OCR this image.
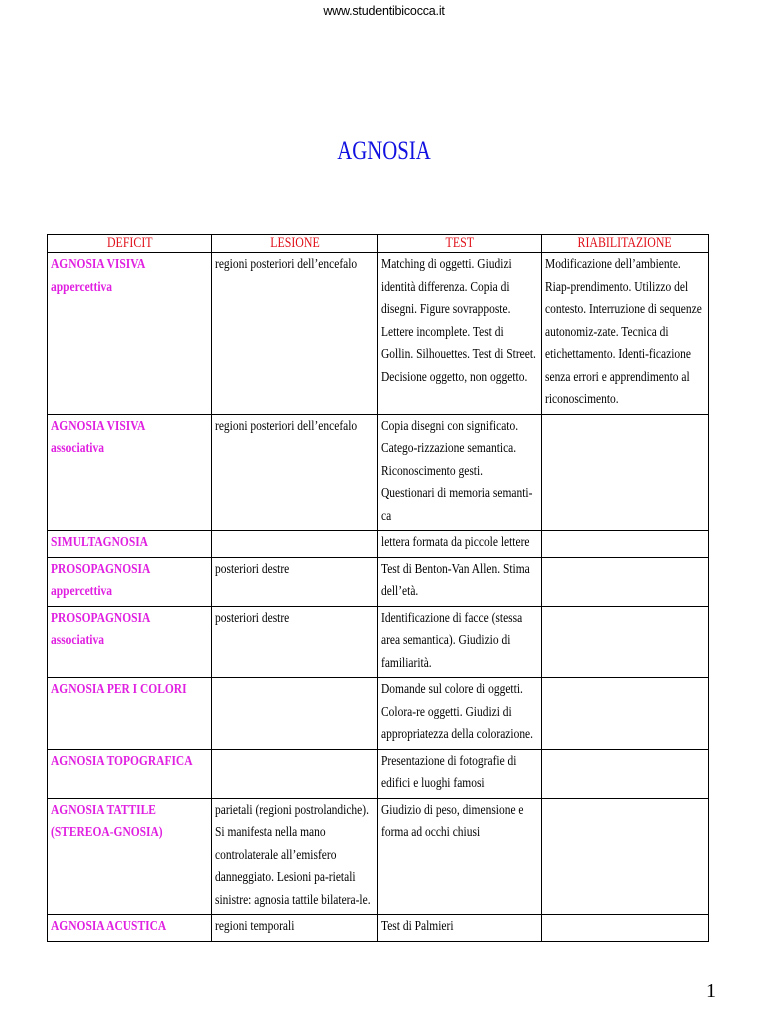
www.studentibicocca.it
AGNOSIA
DEFICIT	LESIONE	TEST	RIABILITAZIONE

AGNOSIA VISIVA
appercettiva	regioni posteriori dell’encefalo	Matching di oggetti. Giudizi identità differenza. Copia di disegni. Figure sovrapposte. Lettere incomplete. Test di Gollin. Silhouettes. Test di Street. Decisione oggetto, non oggetto.	Modificazione dell’ambiente. Riap-prendimento. Utilizzo del contesto. Interruzione di sequenze autonomiz-zate. Tecnica di etichettamento. Identi-ficazione senza errori e apprendimento al riconoscimento.

AGNOSIA VISIVA
associativa	regioni posteriori dell’encefalo	Copia disegni con significato. Catego-rizzazione semantica. Riconoscimento gesti. Questionari di memoria semanti-ca	

SIMULTAGNOSIA		lettera formata da piccole lettere	

PROSOPAGNOSIA
appercettiva	posteriori destre	Test di Benton-Van Allen. Stima dell’età.	

PROSOPAGNOSIA
associativa	posteriori destre	Identificazione di facce (stessa area semantica). Giudizio di familiarità.	

AGNOSIA PER I COLORI		Domande sul colore di oggetti. Colora-re oggetti. Giudizi di appropriatezza della colorazione.	

AGNOSIA TOPOGRAFICA		Presentazione di fotografie di edifici e luoghi famosi	

AGNOSIA TATTILE (STEREOA-GNOSIA)	parietali (regioni postrolandiche). Si manifesta nella mano controlaterale all’emisfero danneggiato. Lesioni pa-rietali sinistre: agnosia tattile bilatera-le.	Giudizio di peso, dimensione e forma ad occhi chiusi	

AGNOSIA ACUSTICA	regioni temporali	Test di Palmieri	

1
